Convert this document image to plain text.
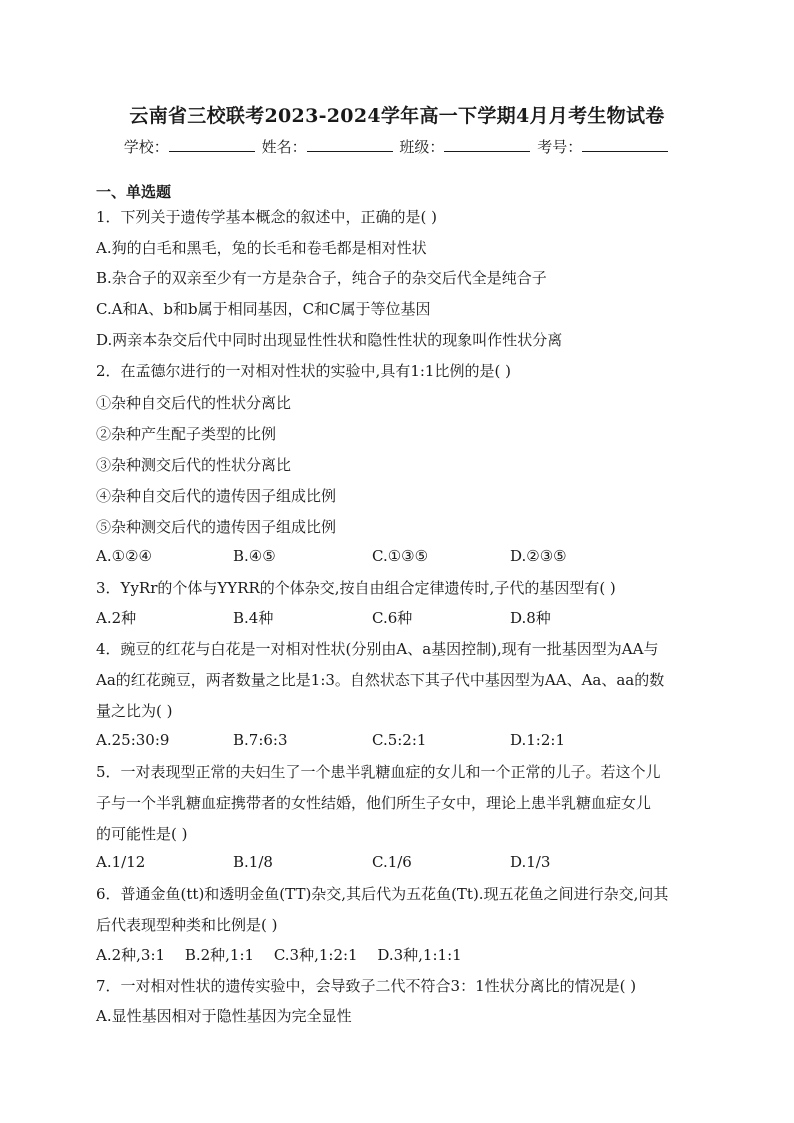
云南省三校联考2023-2024学年高一下学期4月月考生物试卷
学校：	姓名：	班级：	考号：
一、单选题
1．下列关于遗传学基本概念的叙述中，正确的是( )
A.狗的白毛和黑毛，兔的长毛和卷毛都是相对性状
B.杂合子的双亲至少有一方是杂合子，纯合子的杂交后代全是纯合子
C.A和A、b和b属于相同基因，C和C属于等位基因
D.两亲本杂交后代中同时出现显性性状和隐性性状的现象叫作性状分离
2．在孟德尔进行的一对相对性状的实验中,具有1:1比例的是( )
①杂种自交后代的性状分离比
②杂种产生配子类型的比例
③杂种测交后代的性状分离比
④杂种自交后代的遗传因子组成比例
⑤杂种测交后代的遗传因子组成比例
A.①②④	B.④⑤	C.①③⑤	D.②③⑤
3．YyRr的个体与YYRR的个体杂交,按自由组合定律遗传时,子代的基因型有( )
A.2种	B.4种	C.6种	D.8种
4．豌豆的红花与白花是一对相对性状(分别由A、a基因控制),现有一批基因型为AA与
Aa的红花豌豆，两者数量之比是1:3。自然状态下其子代中基因型为AA、Aa、aa的数
量之比为( )
A.25:30:9	B.7:6:3	C.5:2:1	D.1:2:1
5．一对表现型正常的夫妇生了一个患半乳糖血症的女儿和一个正常的儿子。若这个儿
子与一个半乳糖血症携带者的女性结婚，他们所生子女中，理论上患半乳糖血症女儿
的可能性是( )
A.1/12	B.1/8	C.1/6	D.1/3
6．普通金鱼(tt)和透明金鱼(TT)杂交,其后代为五花鱼(Tt).现五花鱼之间进行杂交,问其
后代表现型种类和比例是( )
A.2种,3:1　 B.2种,1:1　 C.3种,1:2:1　 D.3种,1:1:1
7．一对相对性状的遗传实验中，会导致子二代不符合3：1性状分离比的情况是( )
A.显性基因相对于隐性基因为完全显性
